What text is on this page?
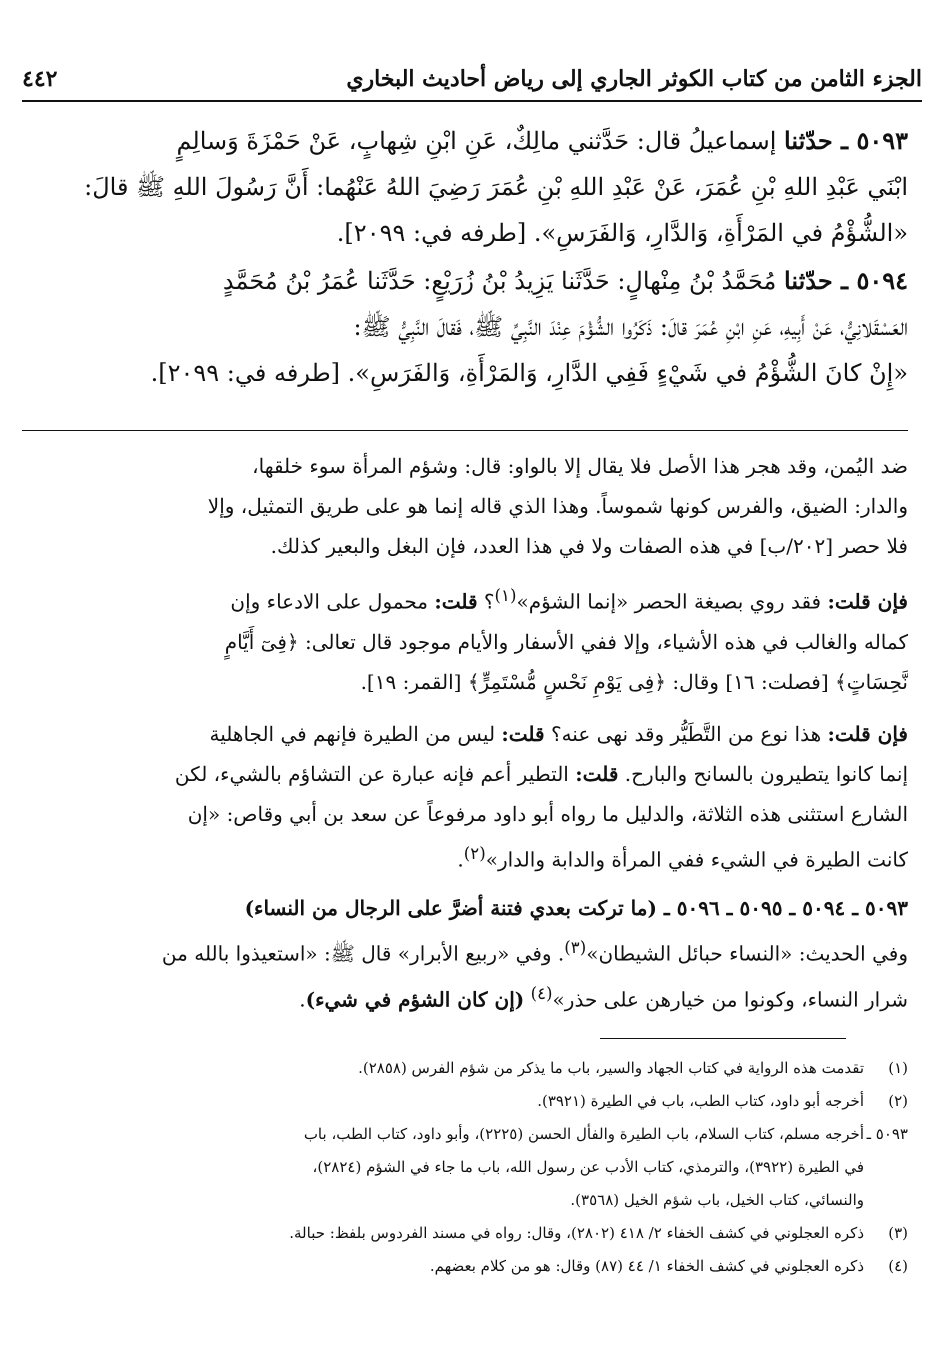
الجزء الثامن من كتاب الكوثر الجاري إلى رياض أحاديث البخاري
٤٤٢
٥٠٩٣ ـ حدّثنا إسماعيلُ قال: حَدَّثني مالِكٌ، عَنِ ابْنِ شِهابٍ، عَنْ حَمْزَةَ وَسالِمٍ
ابْنَي عَبْدِ اللهِ بْنِ عُمَرَ، عَنْ عَبْدِ اللهِ بْنِ عُمَرَ رَضِيَ اللهُ عَنْهُما: أَنَّ رَسُولَ اللهِ ﷺ قالَ:
«الشُّؤْمُ في المَرْأَةِ، وَالدَّارِ، وَالفَرَسِ». [طرفه في: ٢٠٩٩].
٥٠٩٤ ـ حدّثنا مُحَمَّدُ بْنُ مِنْهالٍ: حَدَّثَنا يَزِيدُ بْنُ زُرَيْعٍ: حَدَّثَنا عُمَرُ بْنُ مُحَمَّدٍ
العَسْقَلانِيُّ، عَنْ أَبِيهِ، عَنِ ابْنِ عُمَرَ قالَ: ذَكَرُوا الشُّؤْمَ عِنْدَ النَّبِيِّ ﷺ، فَقالَ النَّبِيُّ ﷺ:
«إِنْ كانَ الشُّؤْمُ في شَيْءٍ فَفِي الدَّارِ، وَالمَرْأَةِ، وَالفَرَسِ». [طرفه في: ٢٠٩٩].
ضد اليُمن، وقد هجر هذا الأصل فلا يقال إلا بالواو: قال: وشؤم المرأة سوء خلقها،
والدار: الضيق، والفرس كونها شموساً. وهذا الذي قاله إنما هو على طريق التمثيل، وإلا
فلا حصر [٢٠٢/ب] في هذه الصفات ولا في هذا العدد، فإن البغل والبعير كذلك.
فإن قلت: فقد روي بصيغة الحصر «إنما الشؤم»$^{(١)}$؟ قلت: محمول على الادعاء وإن
كماله والغالب في هذه الأشياء، وإلا ففي الأسفار والأيام موجود قال تعالى: ﴿فِىٓ أَيَّامٍ
نَّحِسَاتٍ﴾ [فصلت: ١٦] وقال: ﴿فِى يَوْمِ نَحْسٍ مُّسْتَمِرٍّ﴾ [القمر: ١٩].
فإن قلت: هذا نوع من التَّطَيُّر وقد نهى عنه؟ قلت: ليس من الطيرة فإنهم في الجاهلية
إنما كانوا يتطيرون بالسانح والبارح. قلت: التطير أعم فإنه عبارة عن التشاؤم بالشيء، لكن
الشارع استثنى هذه الثلاثة، والدليل ما رواه أبو داود مرفوعاً عن سعد بن أبي وقاص: «إن
كانت الطيرة في الشيء ففي المرأة والدابة والدار»$^{(٢)}$.
٥٠٩٣ ـ ٥٠٩٤ ـ ٥٠٩٥ ـ ٥٠٩٦ ـ (ما تركت بعدي فتنة أضرَّ على الرجال من النساء)
وفي الحديث: «النساء حبائل الشيطان»$^{(٣)}$. وفي «ربيع الأبرار» قال ﷺ: «استعيذوا بالله من
شرار النساء، وكونوا من خيارهن على حذر»$^{(٤)}$ (إن كان الشؤم في شيء).
(١)
تقدمت هذه الرواية في كتاب الجهاد والسير، باب ما يذكر من شؤم الفرس (٢٨٥٨).
(٢)
أخرجه أبو داود، كتاب الطب، باب في الطيرة (٣٩٢١).
٥٠٩٣ ـ
أخرجه مسلم، كتاب السلام، باب الطيرة والفأل الحسن (٢٢٢٥)، وأبو داود، كتاب الطب، باب
في الطيرة (٣٩٢٢)، والترمذي، كتاب الأدب عن رسول الله، باب ما جاء في الشؤم (٢٨٢٤)،
والنسائي، كتاب الخيل، باب شؤم الخيل (٣٥٦٨).
(٣)
ذكره العجلوني في كشف الخفاء ٢/ ٤١٨ (٢٨٠٢)، وقال: رواه في مسند الفردوس بلفظ: حبالة.
(٤)
ذكره العجلوني في كشف الخفاء ١/ ٤٤ (٨٧) وقال: هو من كلام بعضهم.
